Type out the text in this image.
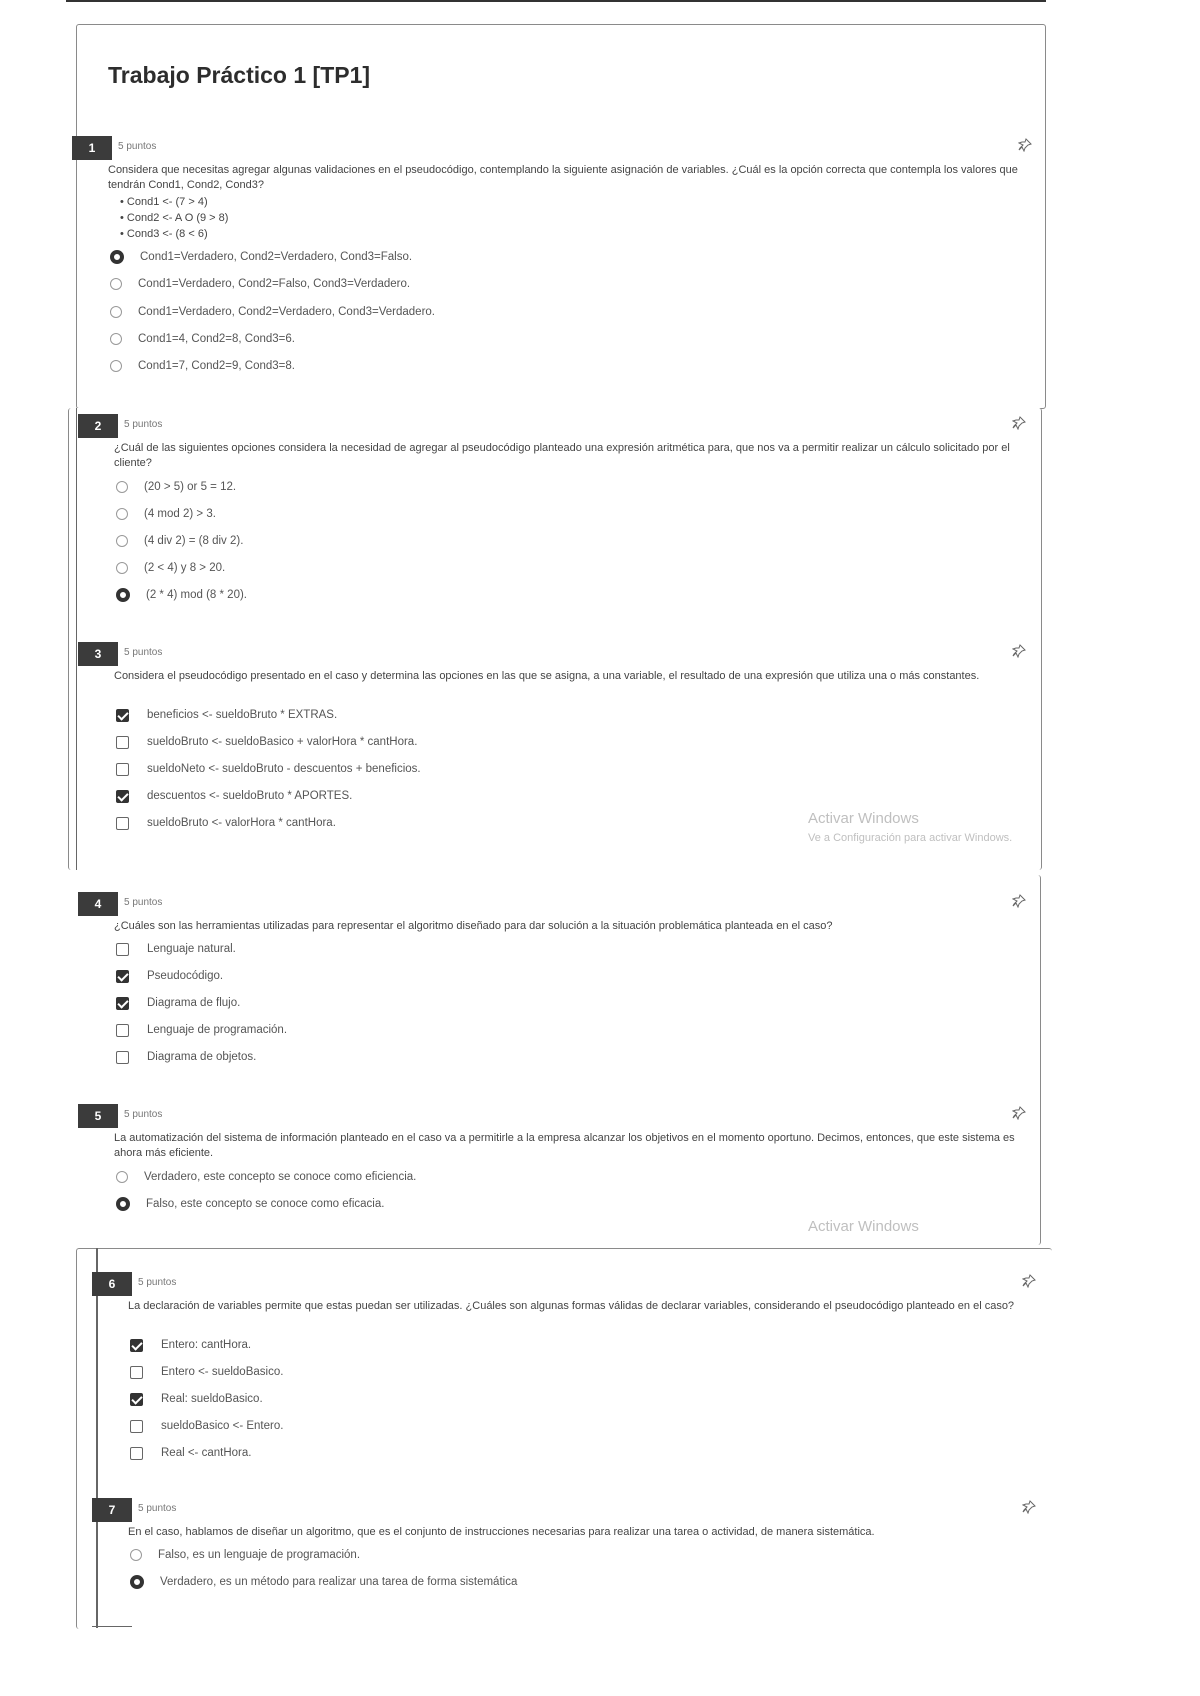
Trabajo Práctico 1 [TP1]
1	5 puntos
Considera que necesitas agregar algunas validaciones en el pseudocódigo, contemplando la siguiente asignación de variables. ¿Cuál es la opción correcta que contempla los valores que tendrán Cond1, Cond2, Cond3?
• Cond1 <- (7 > 4)
• Cond2 <- A O (9 > 8)
• Cond3 <- (8 < 6)
Cond1=Verdadero, Cond2=Verdadero, Cond3=Falso.
Cond1=Verdadero, Cond2=Falso, Cond3=Verdadero.
Cond1=Verdadero, Cond2=Verdadero, Cond3=Verdadero.
Cond1=4, Cond2=8, Cond3=6.
Cond1=7, Cond2=9, Cond3=8.
2	5 puntos
¿Cuál de las siguientes opciones considera la necesidad de agregar al pseudocódigo planteado una expresión aritmética para, que nos va a permitir realizar un cálculo solicitado por el cliente?
(20 > 5) or 5 = 12.
(4 mod 2) > 3.
(4 div 2) = (8 div 2).
(2 < 4) y 8 > 20.
(2 * 4) mod (8 * 20).
3	5 puntos
Considera el pseudocódigo presentado en el caso y determina las opciones en las que se asigna, a una variable, el resultado de una expresión que utiliza una o más constantes.
beneficios <- sueldoBruto * EXTRAS.
sueldoBruto <- sueldoBasico + valorHora * cantHora.
sueldoNeto <- sueldoBruto - descuentos + beneficios.
descuentos <- sueldoBruto * APORTES.
sueldoBruto <- valorHora * cantHora.	Activar Windows
Ve a Configuración para activar Windows.
4	5 puntos
¿Cuáles son las herramientas utilizadas para representar el algoritmo diseñado para dar solución a la situación problemática planteada en el caso?
Lenguaje natural.
Pseudocódigo.
Diagrama de flujo.
Lenguaje de programación.
Diagrama de objetos.
5	5 puntos
La automatización del sistema de información planteado en el caso va a permitirle a la empresa alcanzar los objetivos en el momento oportuno. Decimos, entonces, que este sistema es ahora más eficiente.
Verdadero, este concepto se conoce como eficiencia.
Falso, este concepto se conoce como eficacia.
Activar Windows
6	5 puntos
La declaración de variables permite que estas puedan ser utilizadas. ¿Cuáles son algunas formas válidas de declarar variables, considerando el pseudocódigo planteado en el caso?
Entero: cantHora.
Entero <- sueldoBasico.
Real: sueldoBasico.
sueldoBasico <- Entero.
Real <- cantHora.
7	5 puntos
En el caso, hablamos de diseñar un algoritmo, que es el conjunto de instrucciones necesarias para realizar una tarea o actividad, de manera sistemática.
Falso, es un lenguaje de programación.
Verdadero, es un método para realizar una tarea de forma sistemática
